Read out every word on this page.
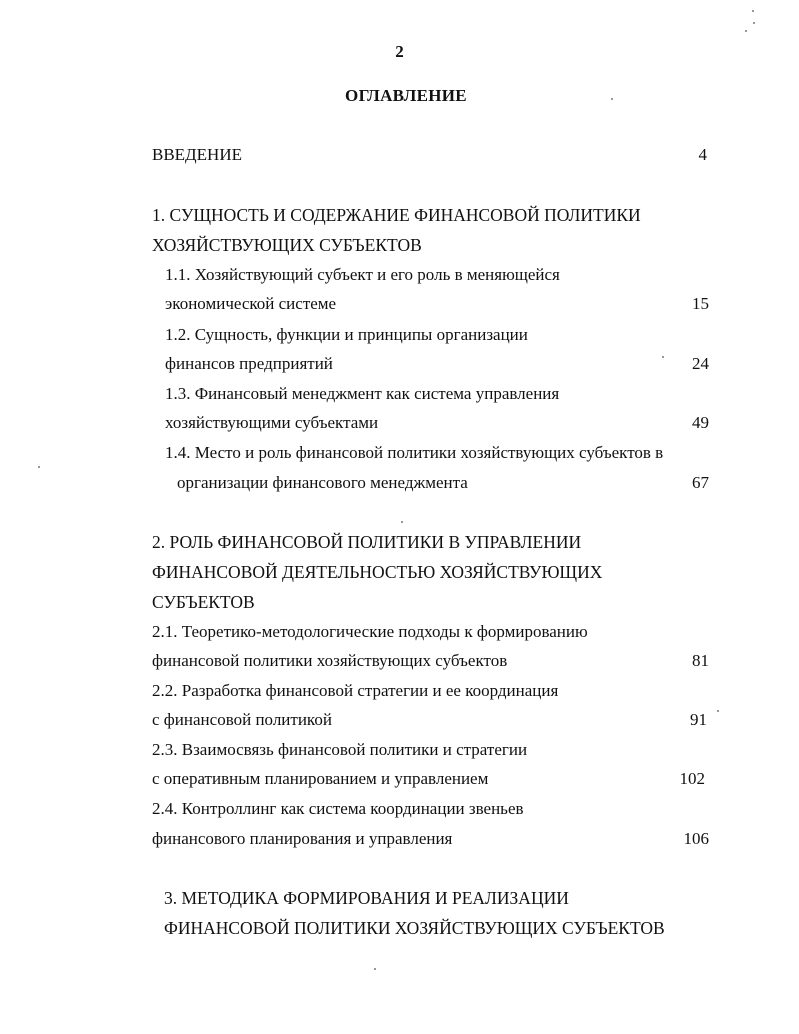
2
ОГЛАВЛЕНИЕ
ВВЕДЕНИЕ	4
1. СУЩНОСТЬ И СОДЕРЖАНИЕ ФИНАНСОВОЙ ПОЛИТИКИ
ХОЗЯЙСТВУЮЩИХ СУБЪЕКТОВ
1.1. Хозяйствующий субъект и его роль в меняющейся
экономической системе	15
1.2. Сущность, функции и принципы организации
финансов предприятий	24
1.3. Финансовый менеджмент как система управления
хозяйствующими субъектами	49
1.4. Место и роль финансовой политики хозяйствующих субъектов в
организации финансового менеджмента	67
2. РОЛЬ ФИНАНСОВОЙ ПОЛИТИКИ В УПРАВЛЕНИИ
ФИНАНСОВОЙ ДЕЯТЕЛЬНОСТЬЮ ХОЗЯЙСТВУЮЩИХ
СУБЪЕКТОВ
2.1. Теоретико-методологические подходы к формированию
финансовой политики хозяйствующих субъектов	81
2.2. Разработка финансовой стратегии и ее координация
с финансовой политикой	91
2.3. Взаимосвязь финансовой политики и стратегии
с оперативным планированием и управлением	102
2.4. Контроллинг как система координации звеньев
финансового планирования и управления	106
3. МЕТОДИКА ФОРМИРОВАНИЯ И РЕАЛИЗАЦИИ
ФИНАНСОВОЙ ПОЛИТИКИ ХОЗЯЙСТВУЮЩИХ СУБЪЕКТОВ
